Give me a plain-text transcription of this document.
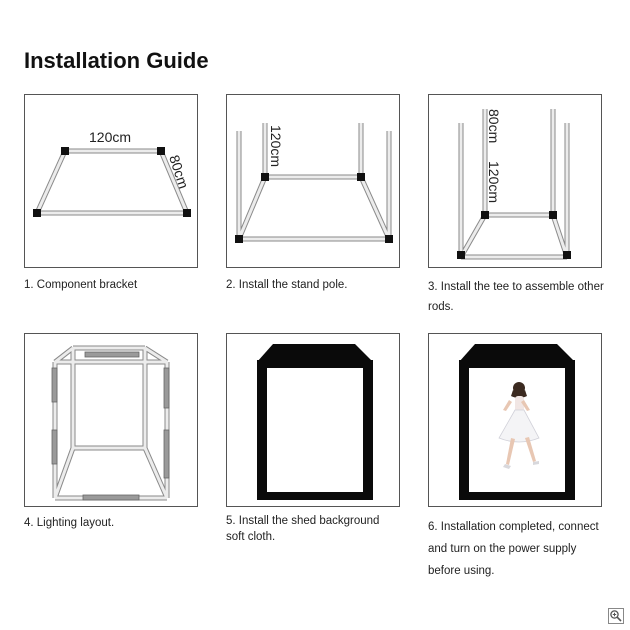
Installation Guide
120cm
80cm
1. Component bracket
120cm
2. Install the stand pole.
80cm
120cm
3. Install the tee to assemble other
rods.
4. Lighting layout.	5. Install the shed background
soft cloth.
6. Installation completed, connect
and turn on the power supply
before using.
